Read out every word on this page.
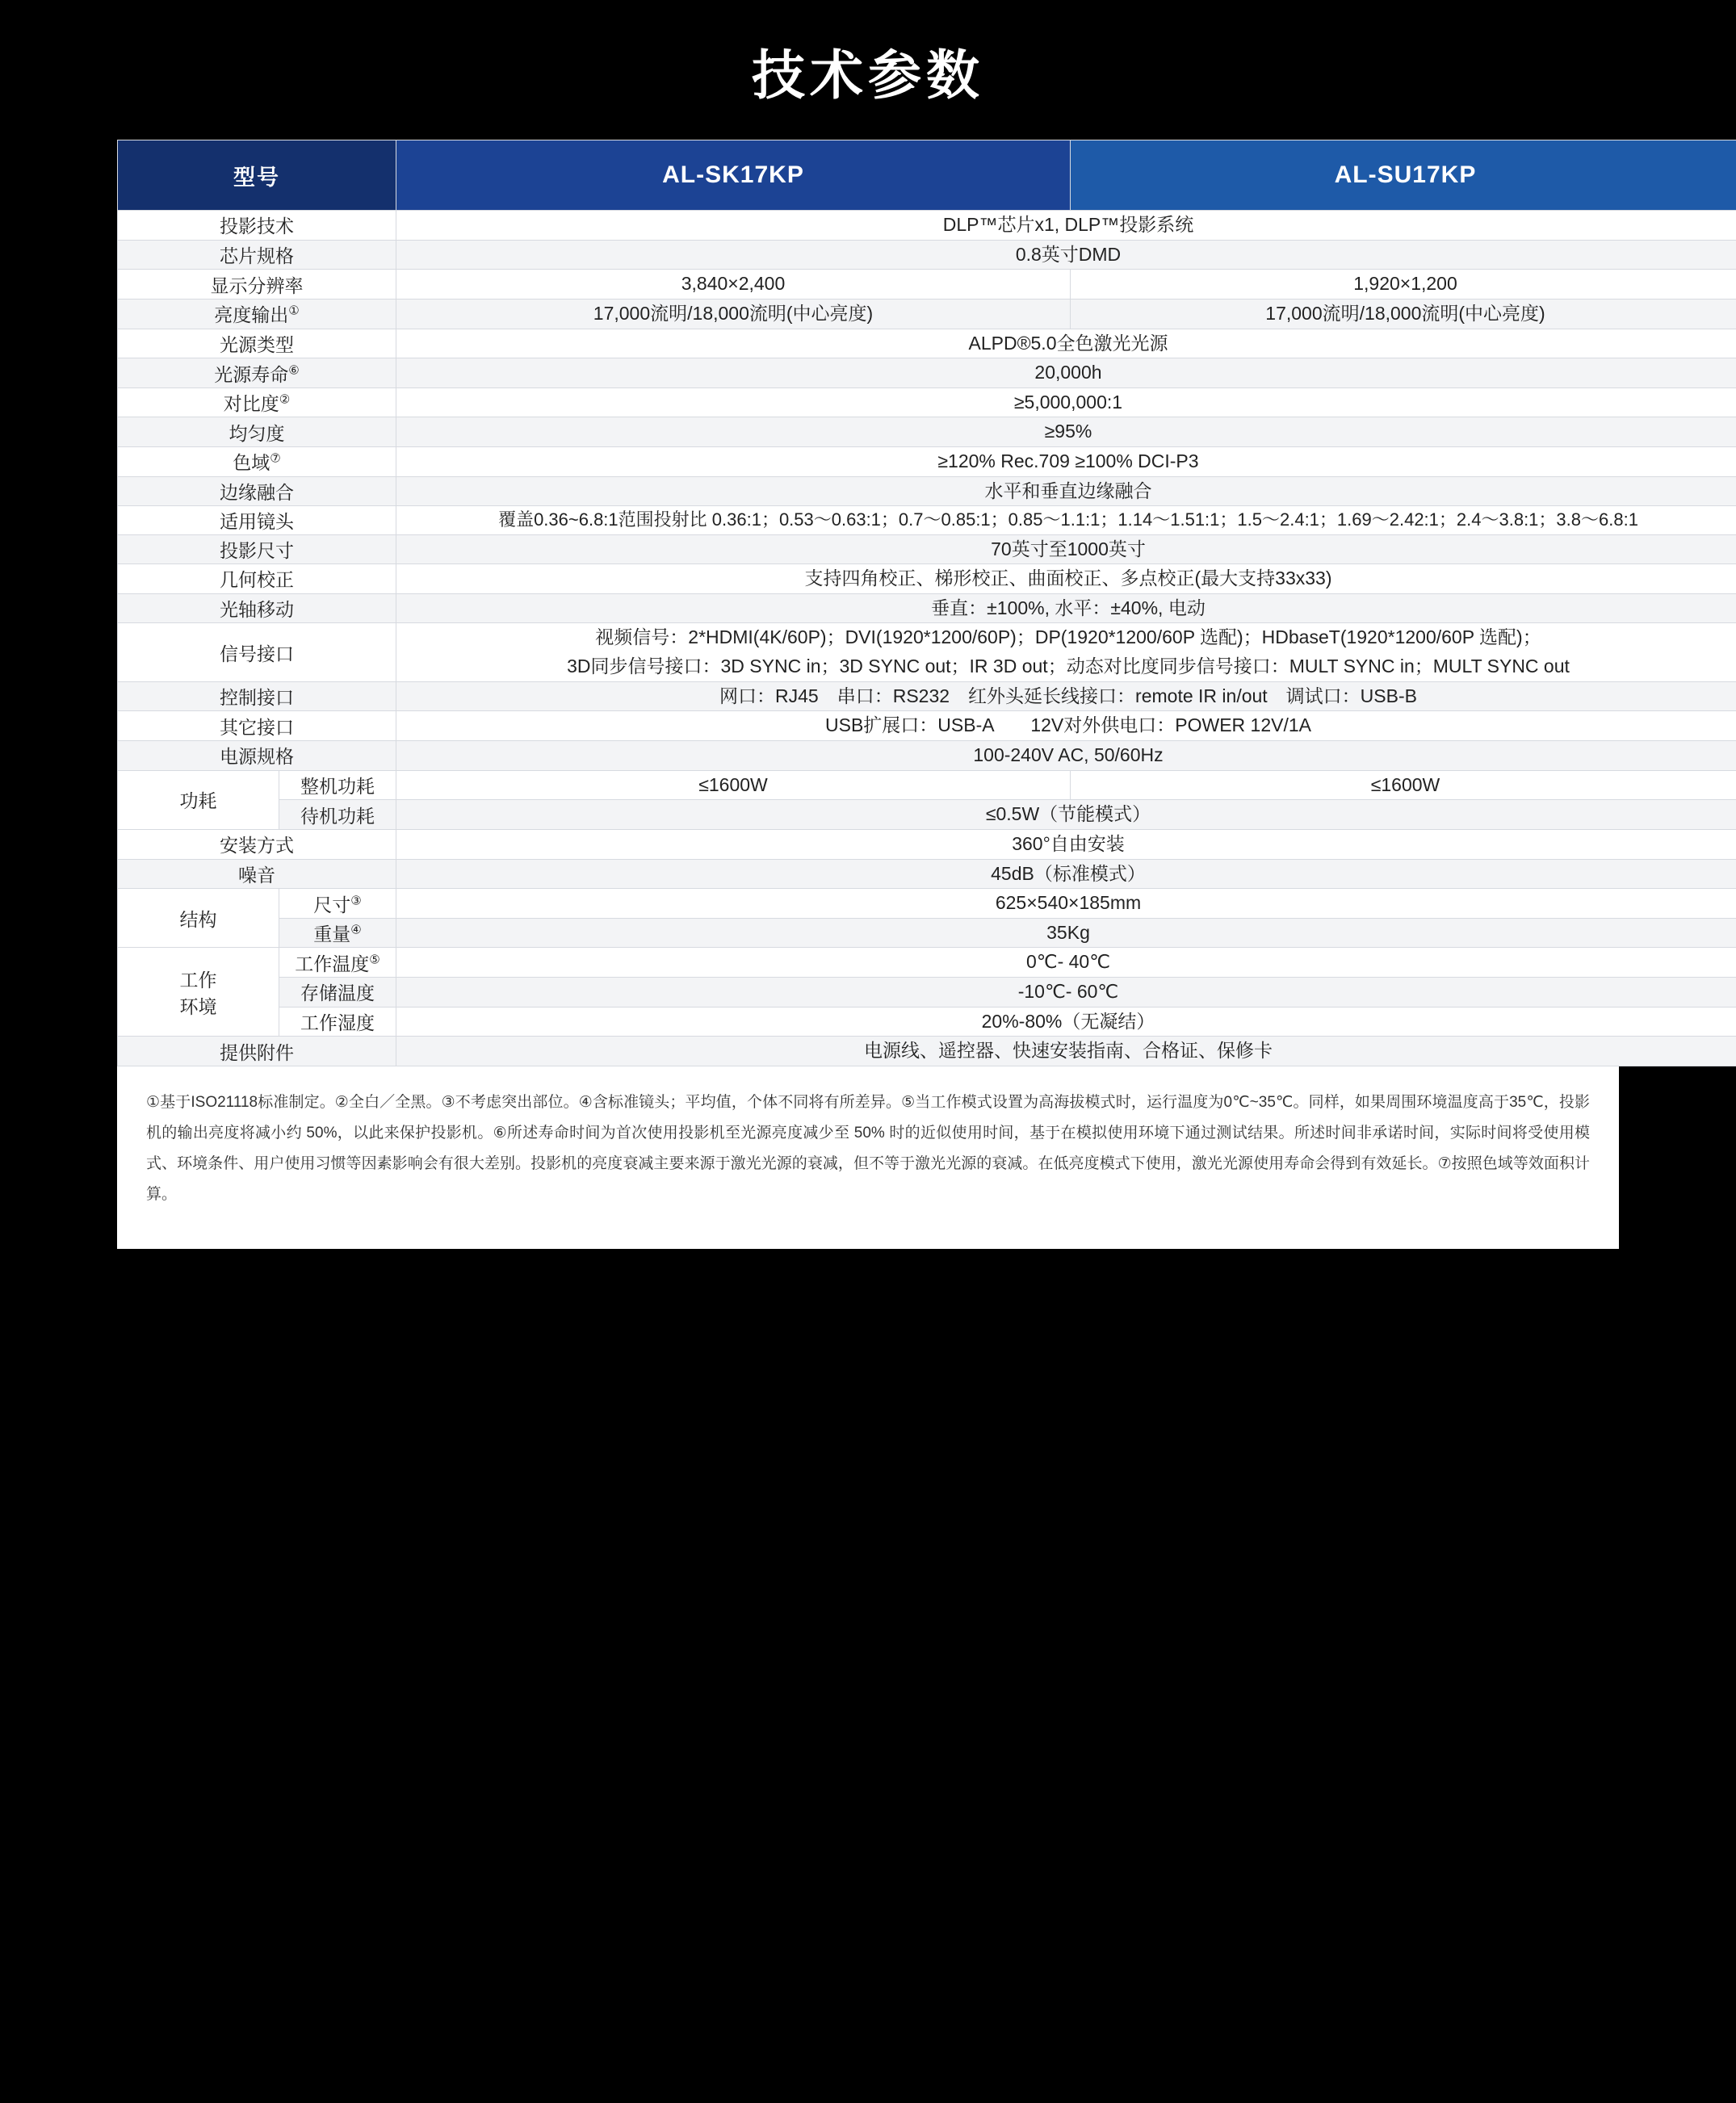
技术参数
型号		AL-SK17KP	AL-SU17KP
投影技术		DLP™芯片x1, DLP™投影系统	
芯片规格		0.8英寸DMD	
显示分辨率		3,840×2,400	1,920×1,200
亮度输出①		17,000流明/18,000流明(中心亮度)	17,000流明/18,000流明(中心亮度)
光源类型		ALPD®5.0全色激光光源	
光源寿命⑥		20,000h	
对比度②		≥5,000,000:1	
均匀度		≥95%	
色域⑦		≥120% Rec.709 ≥100% DCI-P3	
边缘融合		水平和垂直边缘融合	
适用镜头		覆盖0.36~6.8:1范围投射比 0.36:1；0.53～0.63:1；0.7～0.85:1；0.85～1.1:1；1.14～1.51:1；1.5～2.4:1；1.69～2.42:1；2.4～3.8:1；3.8～6.8:1	
投影尺寸		70英寸至1000英寸	
几何校正		支持四角校正、梯形校正、曲面校正、多点校正(最大支持33x33)	
光轴移动		垂直：±100%, 水平：±40%, 电动	
信号接口		视频信号：2*HDMI(4K/60P)；DVI(1920*1200/60P)；DP(1920*1200/60P 选配)；HDbaseT(1920*1200/60P 选配)；
3D同步信号接口：3D SYNC in；3D SYNC out；IR 3D out；动态对比度同步信号接口：MULT SYNC in；MULT SYNC out	

控制接口		网口：RJ45　串口：RS232　红外头延长线接口：remote IR in/out　调试口：USB-B	
其它接口		USB扩展口：USB-A　　12V对外供电口：POWER 12V/1A	
电源规格		100-240V AC, 50/60Hz	
功耗	整机功耗	≤1600W	≤1600W
	待机功耗	≤0.5W（节能模式）	
安装方式		360°自由安装	
噪音		45dB（标准模式）	
结构	尺寸③	625×540×185mm	
	重量④	35Kg	

工作
环境	工作温度⑤	0℃- 40℃	
	存储温度	-10℃- 60℃	
	工作湿度	20%-80%（无凝结）	
提供附件		电源线、遥控器、快速安装指南、合格证、保修卡	

①基于ISO21118标准制定。②全白／全黑。③不考虑突出部位。④含标准镜头；平均值，个体不同将有所差异。⑤当工作模式设置为高海拔模式时，运行温度为0℃~35℃。同样，如果周围环境温度高于35℃，投影机的输出亮度将减小约 50%，以此来保护投影机。⑥所述寿命时间为首次使用投影机至光源亮度减少至 50% 时的近似使用时间，基于在模拟使用环境下通过测试结果。所述时间非承诺时间，实际时间将受使用模式、环境条件、用户使用习惯等因素影响会有很大差别。投影机的亮度衰减主要来源于激光光源的衰减，但不等于激光光源的衰减。在低亮度模式下使用，激光光源使用寿命会得到有效延长。⑦按照色域等效面积计算。
